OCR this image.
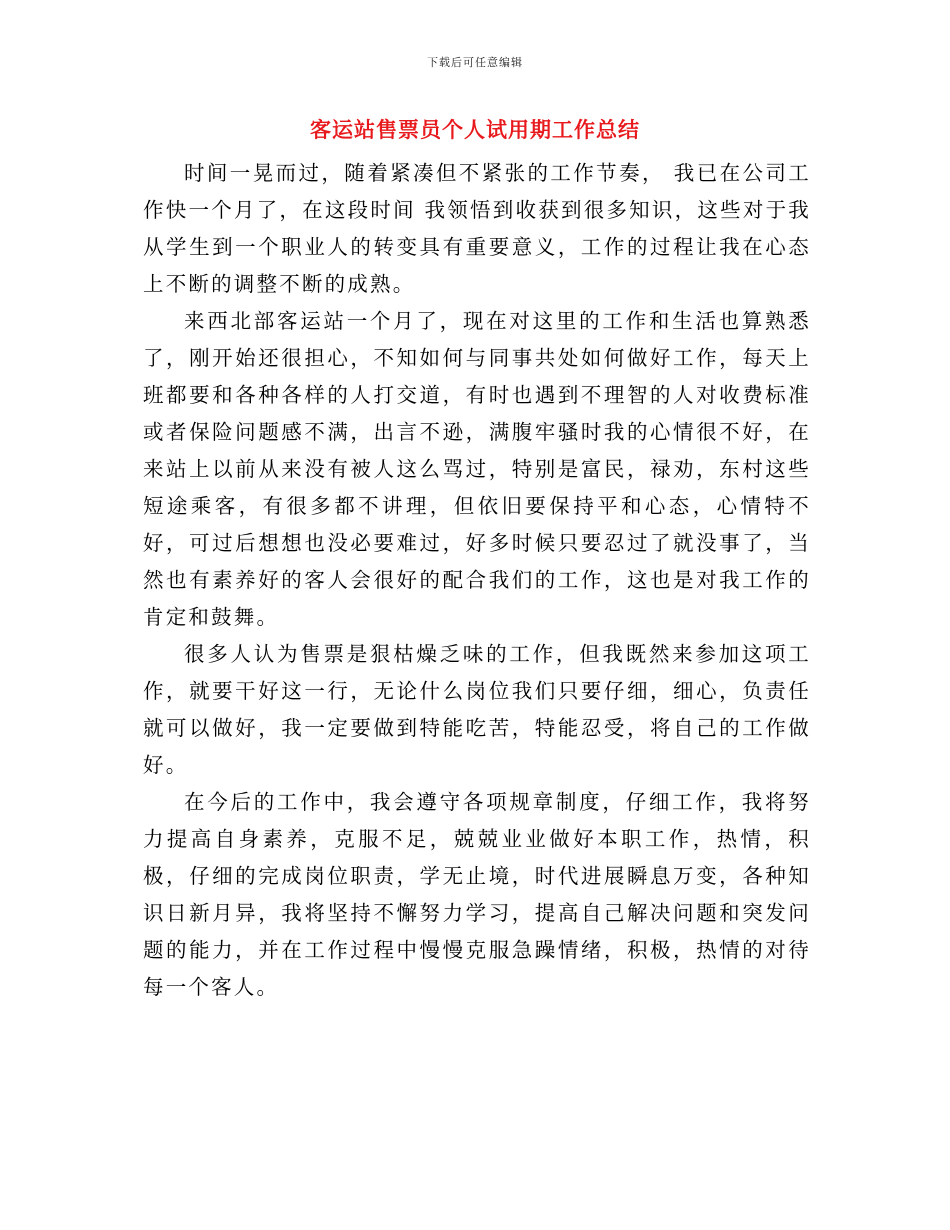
下载后可任意编辑
客运站售票员个人试用期工作总结

时间一晃而过，随着紧凑但不紧张的工作节奏， 我已在公司工作快一个月了，在这段时间 我领悟到收获到很多知识，这些对于我从学生到一个职业人的转变具有重要意义，工作的过程让我在心态上不断的调整不断的成熟。

来西北部客运站一个月了，现在对这里的工作和生活也算熟悉了，刚开始还很担心，不知如何与同事共处如何做好工作，每天上班都要和各种各样的人打交道，有时也遇到不理智的人对收费标准或者保险问题感不满，出言不逊，满腹牢骚时我的心情很不好，在来站上以前从来没有被人这么骂过，特别是富民，禄劝，东村这些短途乘客，有很多都不讲理，但依旧要保持平和心态，心情特不好，可过后想想也没必要难过，好多时候只要忍过了就没事了，当然也有素养好的客人会很好的配合我们的工作，这也是对我工作的肯定和鼓舞。

很多人认为售票是狠枯燥乏味的工作，但我既然来参加这项工作，就要干好这一行，无论什么岗位我们只要仔细，细心，负责任就可以做好，我一定要做到特能吃苦，特能忍受，将自己的工作做好。

在今后的工作中，我会遵守各项规章制度，仔细工作，我将努力提高自身素养，克服不足，兢兢业业做好本职工作，热情，积极，仔细的完成岗位职责，学无止境，时代进展瞬息万变，各种知识日新月异，我将坚持不懈努力学习，提高自己解决问题和突发问题的能力，并在工作过程中慢慢克服急躁情绪，积极，热情的对待每一个客人。
